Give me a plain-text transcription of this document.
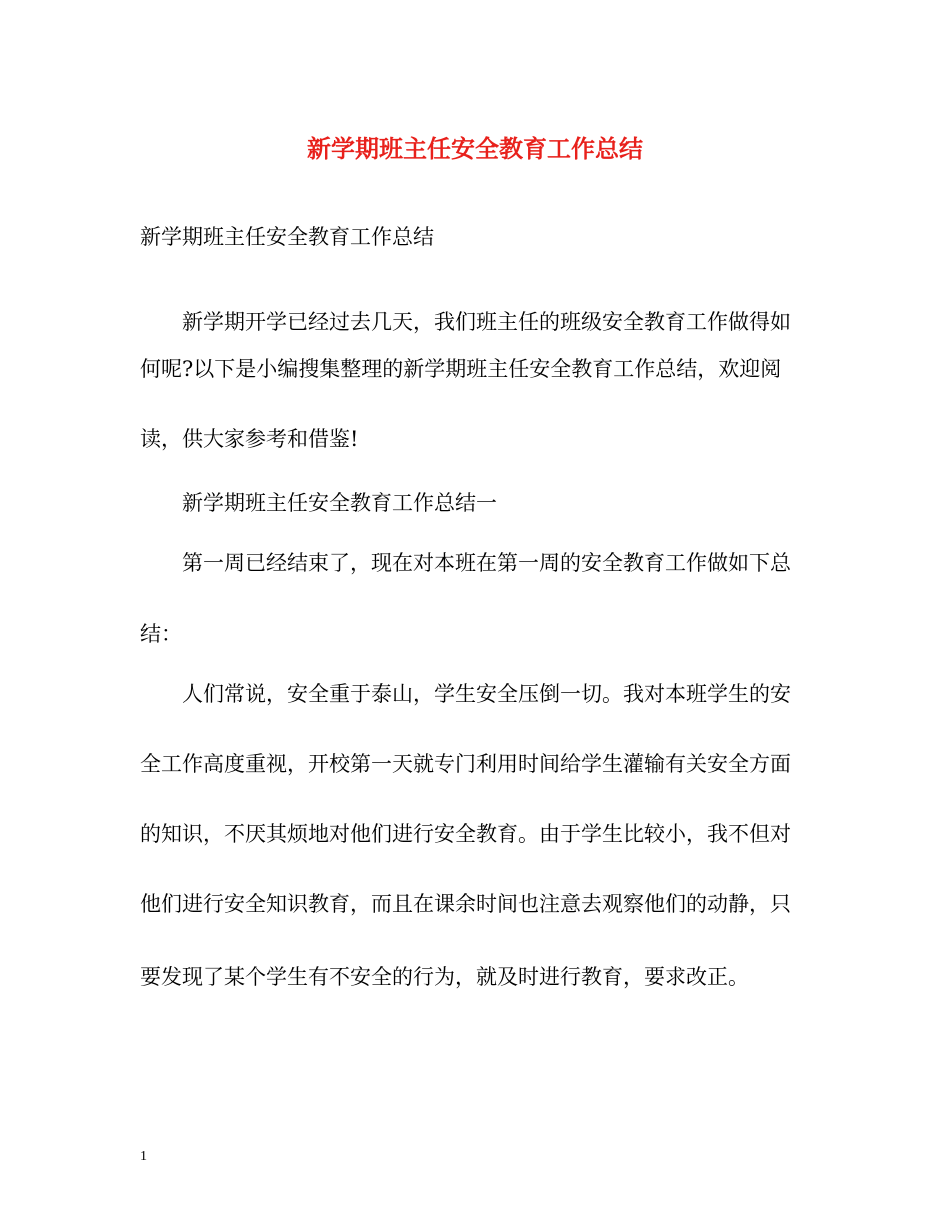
新学期班主任安全教育工作总结
新学期班主任安全教育工作总结
新学期开学已经过去几天，我们班主任的班级安全教育工作做得如
何呢?以下是小编搜集整理的新学期班主任安全教育工作总结，欢迎阅
读，供大家参考和借鉴!
新学期班主任安全教育工作总结一
第一周已经结束了，现在对本班在第一周的安全教育工作做如下总
结：
人们常说，安全重于泰山，学生安全压倒一切。我对本班学生的安
全工作高度重视，开校第一天就专门利用时间给学生灌输有关安全方面
的知识，不厌其烦地对他们进行安全教育。由于学生比较小，我不但对
他们进行安全知识教育，而且在课余时间也注意去观察他们的动静，只
要发现了某个学生有不安全的行为，就及时进行教育，要求改正。
1
